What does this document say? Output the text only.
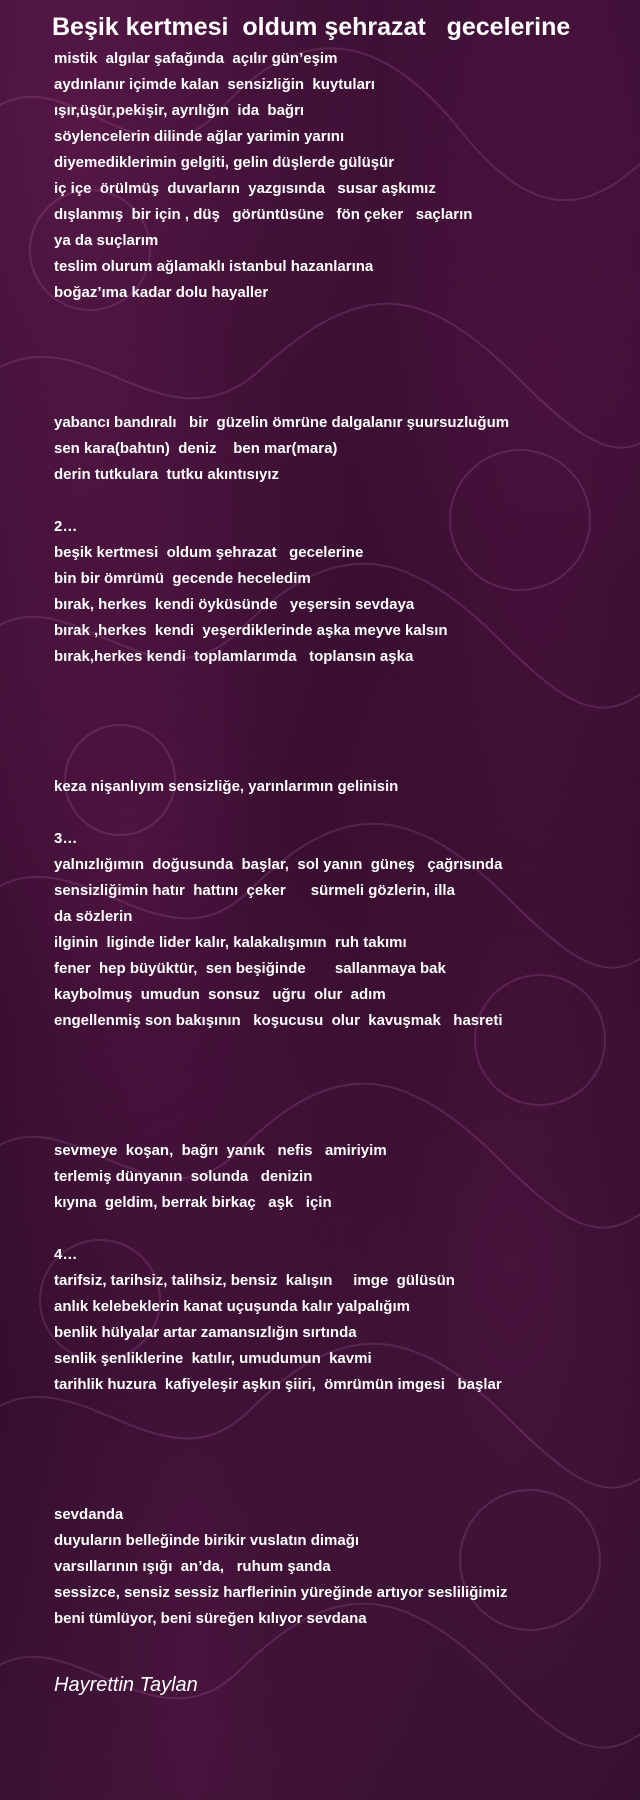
Beşik kertmesi  oldum şehrazat   gecelerine
mistik  algılar şafağında  açılır gün’eşim
aydınlanır içimde kalan  sensizliğin  kuytuları
ışır,üşür,pekişir, ayrılığın  ida  bağrı
söylencelerin dilinde ağlar yarimin yarını
diyemediklerimin gelgiti, gelin düşlerde gülüşür
iç içe  örülmüş  duvarların  yazgısında   susar aşkımız
dışlanmış  bir için , düş   görüntüsüne   fön çeker   saçların
ya da suçlarım
teslim olurum ağlamaklı istanbul hazanlarına
boğaz’ıma kadar dolu hayaller
yabancı bandıralı   bir  güzelin ömrüne dalgalanır şuursuzluğum
sen kara(bahtın)  deniz    ben mar(mara)
derin tutkulara  tutku akıntısıyız
2…
beşik kertmesi  oldum şehrazat   gecelerine
bin bir ömrümü  gecende heceledim
bırak, herkes  kendi öyküsünde   yeşersin sevdaya
bırak ,herkes  kendi  yeşerdiklerinde aşka meyve kalsın
bırak,herkes kendi  toplamlarımda   toplansın aşka
keza nişanlıyım sensizliğe, yarınlarımın gelinisin
3…
yalnızlığımın  doğusunda  başlar,  sol yanın  güneş   çağrısında
sensizliğimin hatır  hattını  çeker      sürmeli gözlerin, illa
da sözlerin
ilginin  liginde lider kalır, kalakalışımın  ruh takımı
fener  hep büyüktür,  sen beşiğinde       sallanmaya bak
kaybolmuş  umudun  sonsuz   uğru  olur  adım
engellenmiş son bakışının   koşucusu  olur  kavuşmak   hasreti
sevmeye  koşan,  bağrı  yanık   nefis   amiriyim
terlemiş dünyanın  solunda   denizin
kıyına  geldim, berrak birkaç   aşk   için
4…
tarifsiz, tarihsiz, talihsiz, bensiz  kalışın     imge  gülüsün
anlık kelebeklerin kanat uçuşunda kalır yalpalığım
benlik hülyalar artar zamansızlığın sırtında
senlik şenliklerine  katılır, umudumun  kavmi
tarihlik huzura  kafiyeleşir aşkın şiiri,  ömrümün imgesi   başlar
sevdanda
duyuların belleğinde birikir vuslatın dimağı
varsıllarının ışığı  an’da,   ruhum şanda
sessizce, sensiz sessiz harflerinin yüreğinde artıyor sesliliğimiz
beni tümlüyor, beni süreğen kılıyor sevdana
Hayrettin Taylan
